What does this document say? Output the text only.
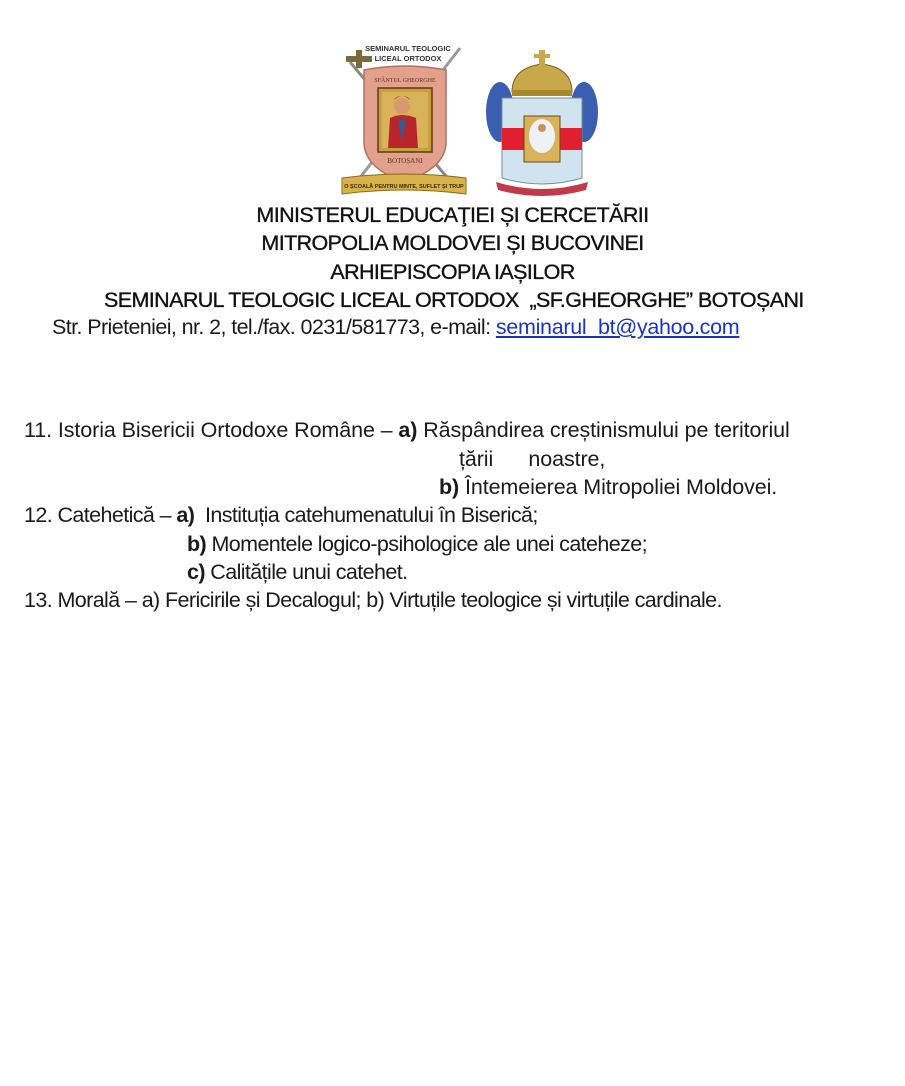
SEMINARUL TEOLOGIC
LICEAL ORTODOX
SFÂNTUL GHEORGHE
BOTOȘANI
O ȘCOALĂ PENTRU MINTE, SUFLET ȘI TRUP
MINISTERUL EDUCAŢIEI ȘI CERCETĂRII
MITROPOLIA MOLDOVEI ȘI BUCOVINEI
ARHIEPISCOPIA IAȘILOR
SEMINARUL TEOLOGIC LICEAL ORTODOX  „SF.GHEORGHE” BOTOȘANI
Str. Prieteniei, nr. 2, tel./fax. 0231/581773, e-mail: seminarul_bt@yahoo.com
11. Istoria Bisericii Ortodoxe Române – a) Răspândirea creștinismului pe teritoriul
țării      noastre,
b) Întemeierea Mitropoliei Moldovei.
12. Catehetică – a)  Instituția catehumenatului în Biserică;
b) Momentele logico-psihologice ale unei cateheze;
c) Calitățile unui catehet.
13. Morală – a) Fericirile și Decalogul; b) Virtuțile teologice și virtuțile cardinale.
